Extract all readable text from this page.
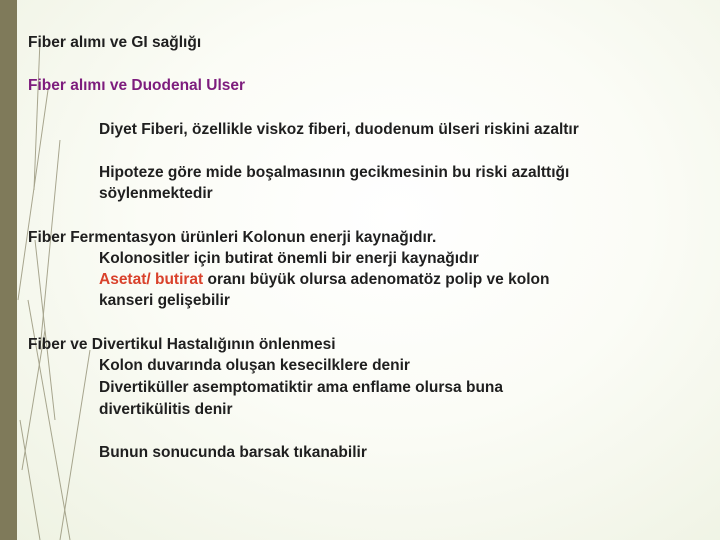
Fiber alımı ve GI sağlığı
Fiber alımı ve Duodenal Ulser
Diyet Fiberi, özellikle viskoz fiberi, duodenum ülseri riskini azaltır
Hipoteze göre mide boşalmasının gecikmesinin bu riski azalttığı
söylenmektedir
Fiber Fermentasyon ürünleri Kolonun enerji kaynağıdır.
Kolonositler için butirat önemli bir enerji kaynağıdır
Asetat/ butirat oranı büyük olursa adenomatöz polip ve kolon
kanseri gelişebilir
Fiber ve Divertikul Hastalığının önlenmesi
Kolon duvarında oluşan kesecilklere denir
Divertiküller asemptomatiktir ama enflame olursa buna
divertikülitis denir
Bunun sonucunda barsak tıkanabilir
